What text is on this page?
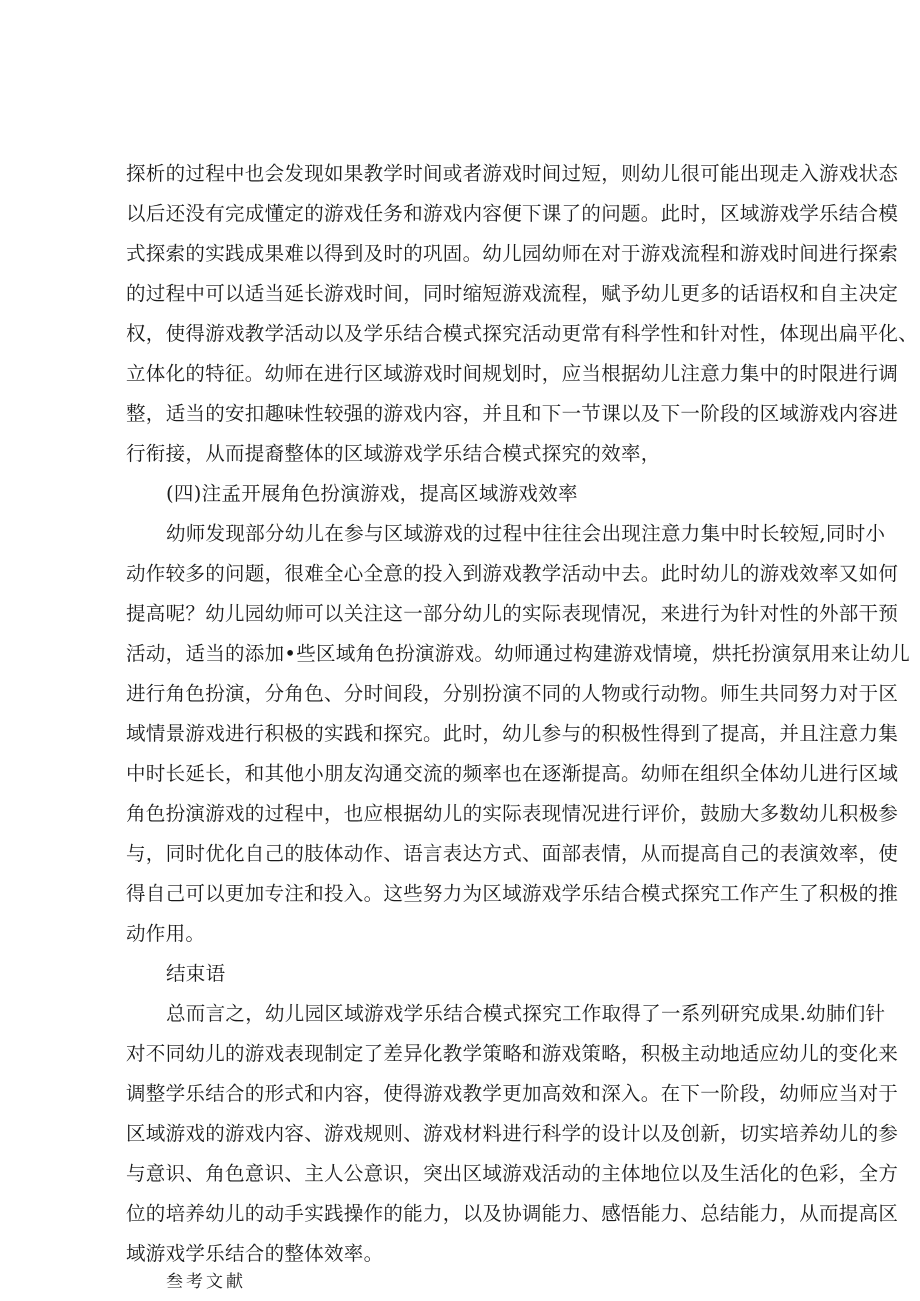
探析的过程中也会发现如果教学时间或者游戏时间过短，则幼儿很可能出现走入游戏状态
以后还没有完成懂定的游戏任务和游戏内容便下课了的问题。此时，区域游戏学乐结合模
式探索的实践成果难以得到及时的巩固。幼儿园幼师在对于游戏流程和游戏时间进行探索
的过程中可以适当延长游戏时间，同时缩短游戏流程，赋予幼儿更多的话语权和自主决定
权，使得游戏教学活动以及学乐结合模式探究活动更常有科学性和针对性，体现出扁平化、
立体化的特征。幼师在进行区域游戏时间规划时，应当根据幼儿注意力集中的时限进行调
整，适当的安扣趣味性较强的游戏内容，并且和下一节课以及下一阶段的区域游戏内容进
行衔接，从而提裔整体的区域游戏学乐结合模式探究的效率，
(四)注孟开展角色扮演游戏，提高区域游戏效率
幼师发现部分幼儿在参与区域游戏的过程中往往会出现注意力集中时长较短,同时小
动作较多的问题，很难全心全意的投入到游戏教学活动中去。此时幼儿的游戏效率又如何
提高呢？幼儿园幼师可以关注这一部分幼儿的实际表现情况，来进行为针对性的外部干预
活动，适当的添加•些区域角色扮演游戏。幼师通过构建游戏情境，烘托扮演氛用来让幼儿
进行角色扮演，分角色、分时间段，分别扮演不同的人物或行动物。师生共同努力对于区
域情景游戏进行积极的实践和探究。此时，幼儿参与的积极性得到了提高，并且注意力集
中时长延长，和其他小朋友沟通交流的频率也在逐渐提高。幼师在组织全体幼儿进行区域
角色扮演游戏的过程中，也应根据幼儿的实际表现情况进行评价，鼓励大多数幼儿积极参
与，同时优化自己的肢体动作、语言表达方式、面部表情，从而提高自己的表演效率，使
得自己可以更加专注和投入。这些努力为区域游戏学乐结合模式探究工作产生了积极的推
动作用。
结束语
总而言之，幼儿园区域游戏学乐结合模式探究工作取得了一系列研究成果.幼肺们针
对不同幼儿的游戏表现制定了差异化教学策略和游戏策略，积极主动地适应幼儿的变化来
调整学乐结合的形式和内容，使得游戏教学更加高效和深入。在下一阶段，幼师应当对于
区域游戏的游戏内容、游戏规则、游戏材料进行科学的设计以及创新，切实培养幼儿的参
与意识、角色意识、主人公意识，突出区域游戏活动的主体地位以及生活化的色彩，全方
位的培养幼儿的动手实践操作的能力，以及协调能力、感悟能力、总结能力，从而提高区
域游戏学乐结合的整体效率。
叁考文献
